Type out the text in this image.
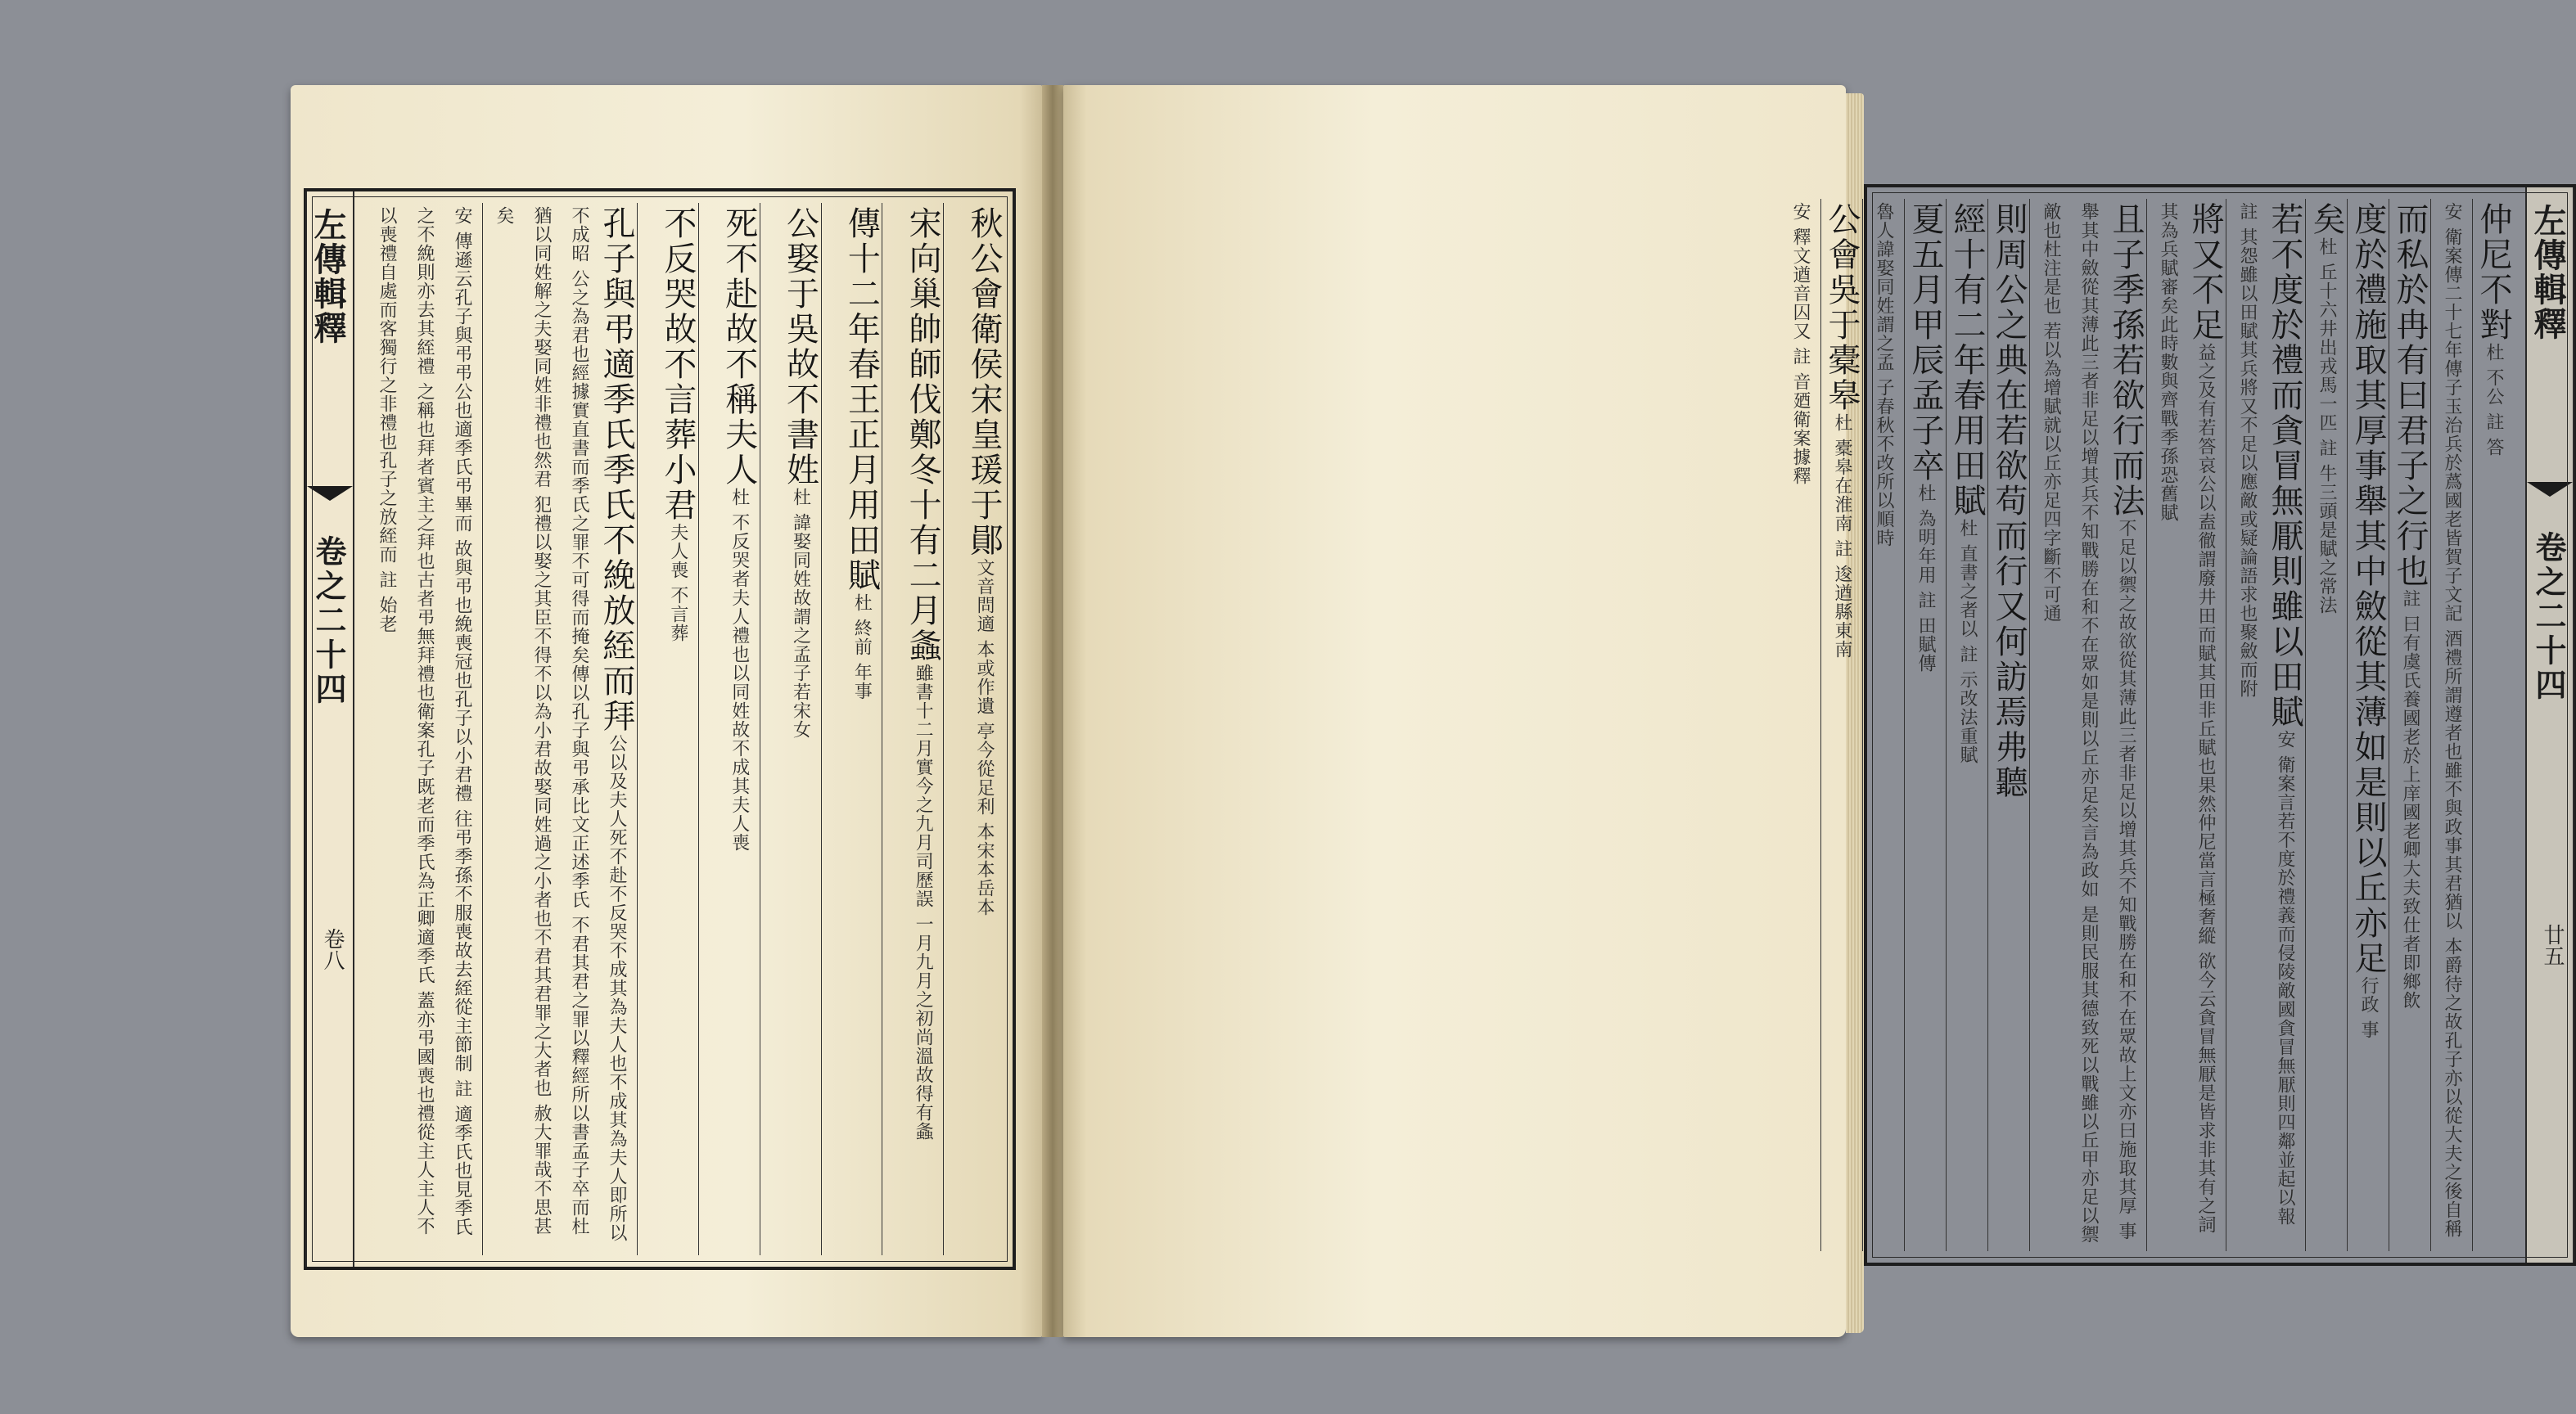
左傳輯釋
卷之二十四
卷八
秋公會衛侯宋皇瑗于鄖文音問適 本或作遺 亭今從足利 本宋本岳本
宋向巢帥師伐鄭冬十有二月螽雖書十二月實今之九月司歷誤 一月九月之初尚溫故得有螽
傳十二年春王正月用田賦杜 終前 年事
公娶于吳故不書姓杜 諱娶同姓故謂之孟子若宋女
死不赴故不稱夫人杜 不反哭者夫人禮也以同姓故不成其夫人喪
不反哭故不言葬小君夫人喪 不言葬
孔子與弔適季氏季氏不絻放絰而拜公以及夫人死不赴不反哭不成其為夫人也不成其為夫人即所以不成昭 公之為君也經據實直書而季氏之罪不可得而掩矣傳以孔子與弔承比文正述季氏 不君其君之罪以釋經所以書孟子卒而杜猶以同姓解之夫娶同姓非禮也然君 犯禮以娶之其臣不得不以為小君故娶同姓過之小者也不君其君罪之大者也 赦大罪哉不思甚矣
安 傳遜云孔子與弔弔公也適季氏弔畢而 故與弔也絻喪冠也孔子以小君禮 往弔季孫不服喪故去絰從主節制 註 適季氏也見季氏之不絻則亦去其絰禮 之稱也拜者賓主之拜也古者弔無拜禮也衛案孔子既老而季氏為正卿適季氏 蓋亦弔國喪也禮從主人主人不以喪禮自處而客獨行之非禮也孔子之放絰而 註 始老	左傳輯釋
卷之二十四
廿五
仲尼不對杜 不公 註 答
安 衛案傳二十七年傳子玉治兵於蔿國老皆賀子文記 酒禮所謂遵者也雖不與政事其君猶以 本爵待之故孔子亦以從大夫之後自稱
而私於冉有曰君子之行也註 曰有虞氏養國老於上庠國老卿大夫致仕者即鄉飲
度於禮施取其厚事舉其中斂從其薄如是則以丘亦足行政 事
矣杜 丘十六井出戎馬一匹 註 牛三頭是賦之常法
若不度於禮而貪冒無厭則雖以田賦安 衛案言若不度於禮義而侵陵敵國貪冒無厭則四鄰並起以報 註 其怨雖以田賦其兵將又不足以應敵或疑論語求也聚斂而附
將又不足益之及有若答哀公以盍徹謂廢井田而賦其田非丘賦也果然仲尼當言極奢縱 欲今云貪冒無厭是皆求非其有之詞其為兵賦審矣此時數與齊戰季孫恐舊賦
且子季孫若欲行而法不足以禦之故欲從其薄此三者非足以增其兵不知戰勝在和不在眾故上文亦曰施取其厚 事舉其中斂從其薄此三者非足以增其兵不知戰勝在和不在眾如是則以丘亦足矣言為政如 是則民服其德致死以戰雖以丘甲亦足以禦敵也杜注是也 若以為增賦就以丘亦足四字斷不可通
則周公之典在若欲苟而行又何訪焉弗聽
經十有二年春用田賦杜 直書之者以 註 示改法重賦
夏五月甲辰孟子卒杜 為明年用 註 田賦傳
魯人諱娶同姓謂之孟 子春秋不改所以順時
公會吳于橐皋杜 橐皋在淮南 註 逡遒縣東南
安 釋文遒音囚又 註 音廼衛案據釋
